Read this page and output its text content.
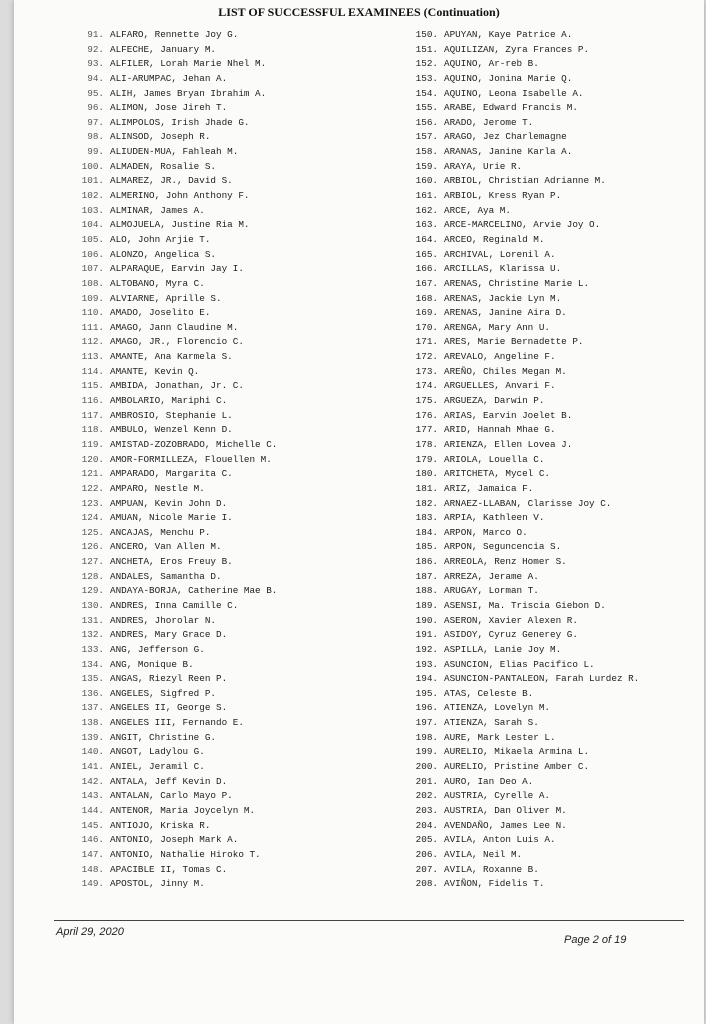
LIST OF SUCCESSFUL EXAMINEES (Continuation)
91. ALFARO, Rennette Joy G.
92. ALFECHE, January M.
93. ALFILER, Lorah Marie Nhel M.
94. ALI-ARUMPAC, Jehan A.
95. ALIH, James Bryan Ibrahim A.
96. ALIMON, Jose Jireh T.
97. ALIMPOLOS, Irish Jhade G.
98. ALINSOD, Joseph R.
99. ALIUDEN-MUA, Fahleah M.
100. ALMADEN, Rosalie S.
101. ALMAREZ, JR., David S.
102. ALMERINO, John Anthony F.
103. ALMINAR, James A.
104. ALMOJUELA, Justine Ria M.
105. ALO, John Arjie T.
106. ALONZO, Angelica S.
107. ALPARAQUE, Earvin Jay I.
108. ALTOBANO, Myra C.
109. ALVIARNE, Aprille S.
110. AMADO, Joselito E.
111. AMAGO, Jann Claudine M.
112. AMAGO, JR., Florencio C.
113. AMANTE, Ana Karmela S.
114. AMANTE, Kevin Q.
115. AMBIDA, Jonathan, Jr. C.
116. AMBOLARIO, Mariphi C.
117. AMBROSIO, Stephanie L.
118. AMBULO, Wenzel Kenn D.
119. AMISTAD-ZOZOBRADO, Michelle C.
120. AMOR-FORMILLEZA, Flouellen M.
121. AMPARADO, Margarita C.
122. AMPARO, Nestle M.
123. AMPUAN, Kevin John D.
124. AMUAN, Nicole Marie I.
125. ANCAJAS, Menchu P.
126. ANCERO, Van Allen M.
127. ANCHETA, Eros Freuy B.
128. ANDALES, Samantha D.
129. ANDAYA-BORJA, Catherine Mae B.
130. ANDRES, Inna Camille C.
131. ANDRES, Jhorolar N.
132. ANDRES, Mary Grace D.
133. ANG, Jefferson G.
134. ANG, Monique B.
135. ANGAS, Riezyl Reen P.
136. ANGELES, Sigfred P.
137. ANGELES II, George S.
138. ANGELES III, Fernando E.
139. ANGIT, Christine G.
140. ANGOT, Ladylou G.
141. ANIEL, Jeramil C.
142. ANTALA, Jeff Kevin D.
143. ANTALAN, Carlo Mayo P.
144. ANTENOR, Maria Joycelyn M.
145. ANTIOJO, Kriska R.
146. ANTONIO, Joseph Mark A.
147. ANTONIO, Nathalie Hiroko T.
148. APACIBLE II, Tomas C.
149. APOSTOL, Jinny M.
150. APUYAN, Kaye Patrice A.
151. AQUILIZAN, Zyra Frances P.
152. AQUINO, Ar-reb B.
153. AQUINO, Jonina Marie Q.
154. AQUINO, Leona Isabelle A.
155. ARABE, Edward Francis M.
156. ARADO, Jerome T.
157. ARAGO, Jez Charlemagne
158. ARANAS, Janine Karla A.
159. ARAYA, Urie R.
160. ARBIOL, Christian Adrianne M.
161. ARBIOL, Kress Ryan P.
162. ARCE, Aya M.
163. ARCE-MARCELINO, Arvie Joy O.
164. ARCEO, Reginald M.
165. ARCHIVAL, Lorenil A.
166. ARCILLAS, Klarissa U.
167. ARENAS, Christine Marie L.
168. ARENAS, Jackie Lyn M.
169. ARENAS, Janine Aira D.
170. ARENGA, Mary Ann U.
171. ARES, Marie Bernadette P.
172. AREVALO, Angeline F.
173. AREÑO, Chiles Megan M.
174. ARGUELLES, Anvari F.
175. ARGUEZA, Darwin P.
176. ARIAS, Earvin Joelet B.
177. ARID, Hannah Mhae G.
178. ARIENZA, Ellen Lovea J.
179. ARIOLA, Louella C.
180. ARITCHETA, Mycel C.
181. ARIZ, Jamaica F.
182. ARNAEZ-LLABAN, Clarisse Joy C.
183. ARPIA, Kathleen V.
184. ARPON, Marco O.
185. ARPON, Seguncencia S.
186. ARREOLA, Renz Homer S.
187. ARREZA, Jerame A.
188. ARUGAY, Lorman T.
189. ASENSI, Ma. Triscia Giebon D.
190. ASERON, Xavier Alexen R.
191. ASIDOY, Cyruz Generey G.
192. ASPILLA, Lanie Joy M.
193. ASUNCION, Elias Pacifico L.
194. ASUNCION-PANTALEON, Farah Lurdez R.
195. ATAS, Celeste B.
196. ATIENZA, Lovelyn M.
197. ATIENZA, Sarah S.
198. AURE, Mark Lester L.
199. AURELIO, Mikaela Armina L.
200. AURELIO, Pristine Amber C.
201. AURO, Ian Deo A.
202. AUSTRIA, Cyrelle A.
203. AUSTRIA, Dan Oliver M.
204. AVENDAÑO, James Lee N.
205. AVILA, Anton Luis A.
206. AVILA, Neil M.
207. AVILA, Roxanne B.
208. AVIÑON, Fidelis T.
April 29, 2020
Page 2 of 19
